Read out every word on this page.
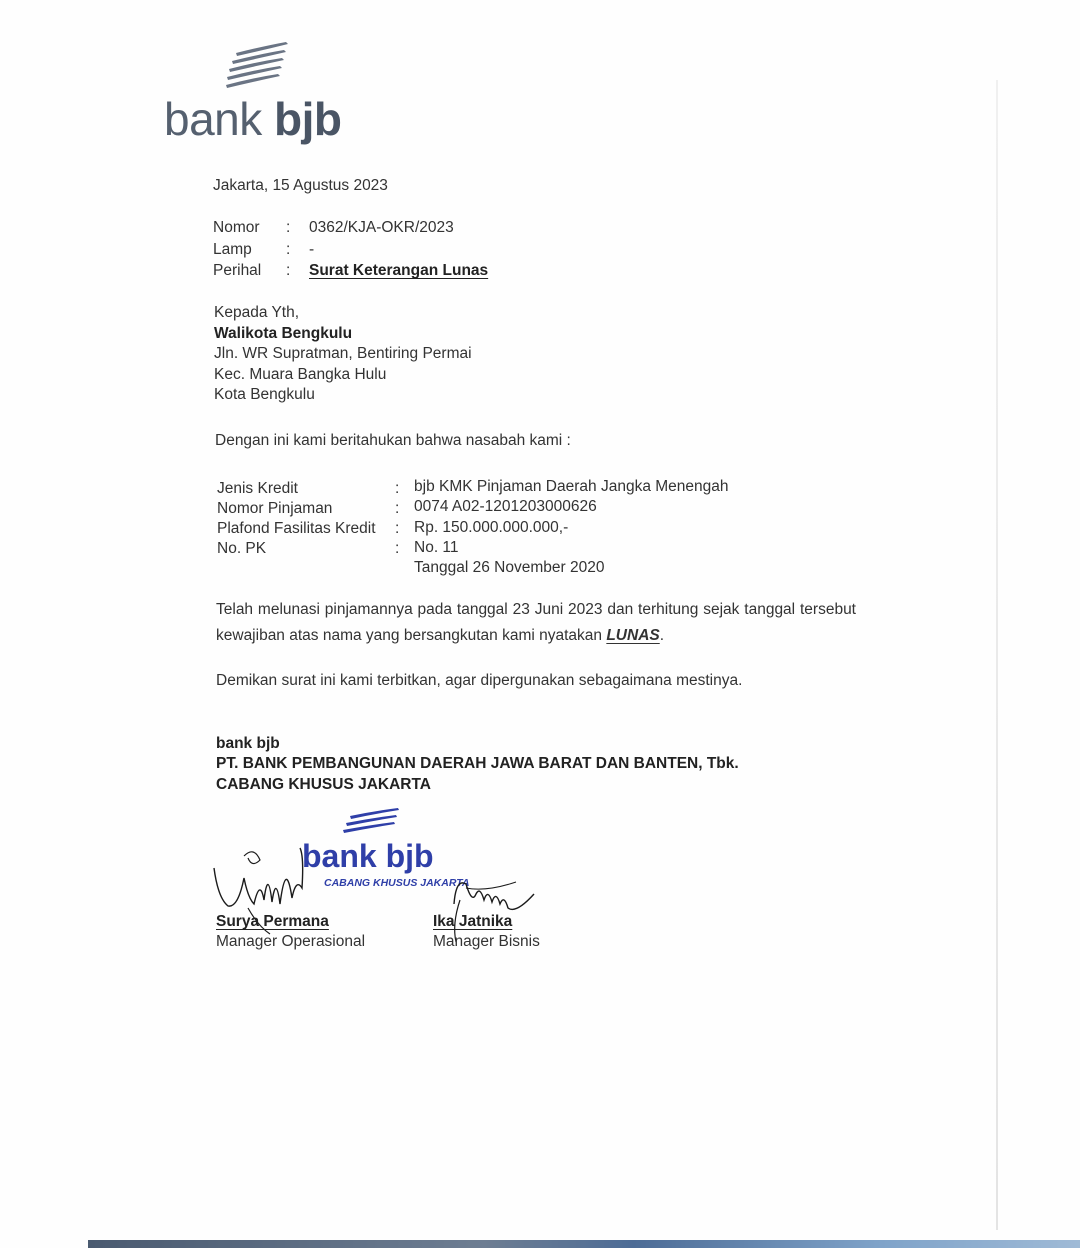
bank bjb
Jakarta, 15 Agustus 2023
Nomor : 0362/KJA-OKR/2023
Lamp : -
Perihal : Surat Keterangan Lunas
Kepada Yth,
Walikota Bengkulu
Jln. WR Supratman, Bentiring Permai
Kec. Muara Bangka Hulu
Kota Bengkulu
Dengan ini kami beritahukan bahwa nasabah kami :
Jenis Kredit	: bjb KMK Pinjaman Daerah Jangka Menengah
Nomor Pinjaman	: 0074 A02-1201203000626
Plafond Fasilitas Kredit : Rp. 150.000.000.000,-
No. PK	: No. 11
Tanggal 26 November 2020
Telah melunasi pinjamannya pada tanggal 23 Juni 2023 dan terhitung sejak tanggal tersebut kewajiban atas nama yang bersangkutan kami nyatakan LUNAS.
Demikan surat ini kami terbitkan, agar dipergunakan sebagaimana mestinya.
bank bjb
PT. BANK PEMBANGUNAN DAERAH JAWA BARAT DAN BANTEN, Tbk.
CABANG KHUSUS JAKARTA
bank bjb
CABANG KHUSUS JAKARTA
Surya Permana
Manager Operasional
Ika Jatnika
Manager Bisnis
